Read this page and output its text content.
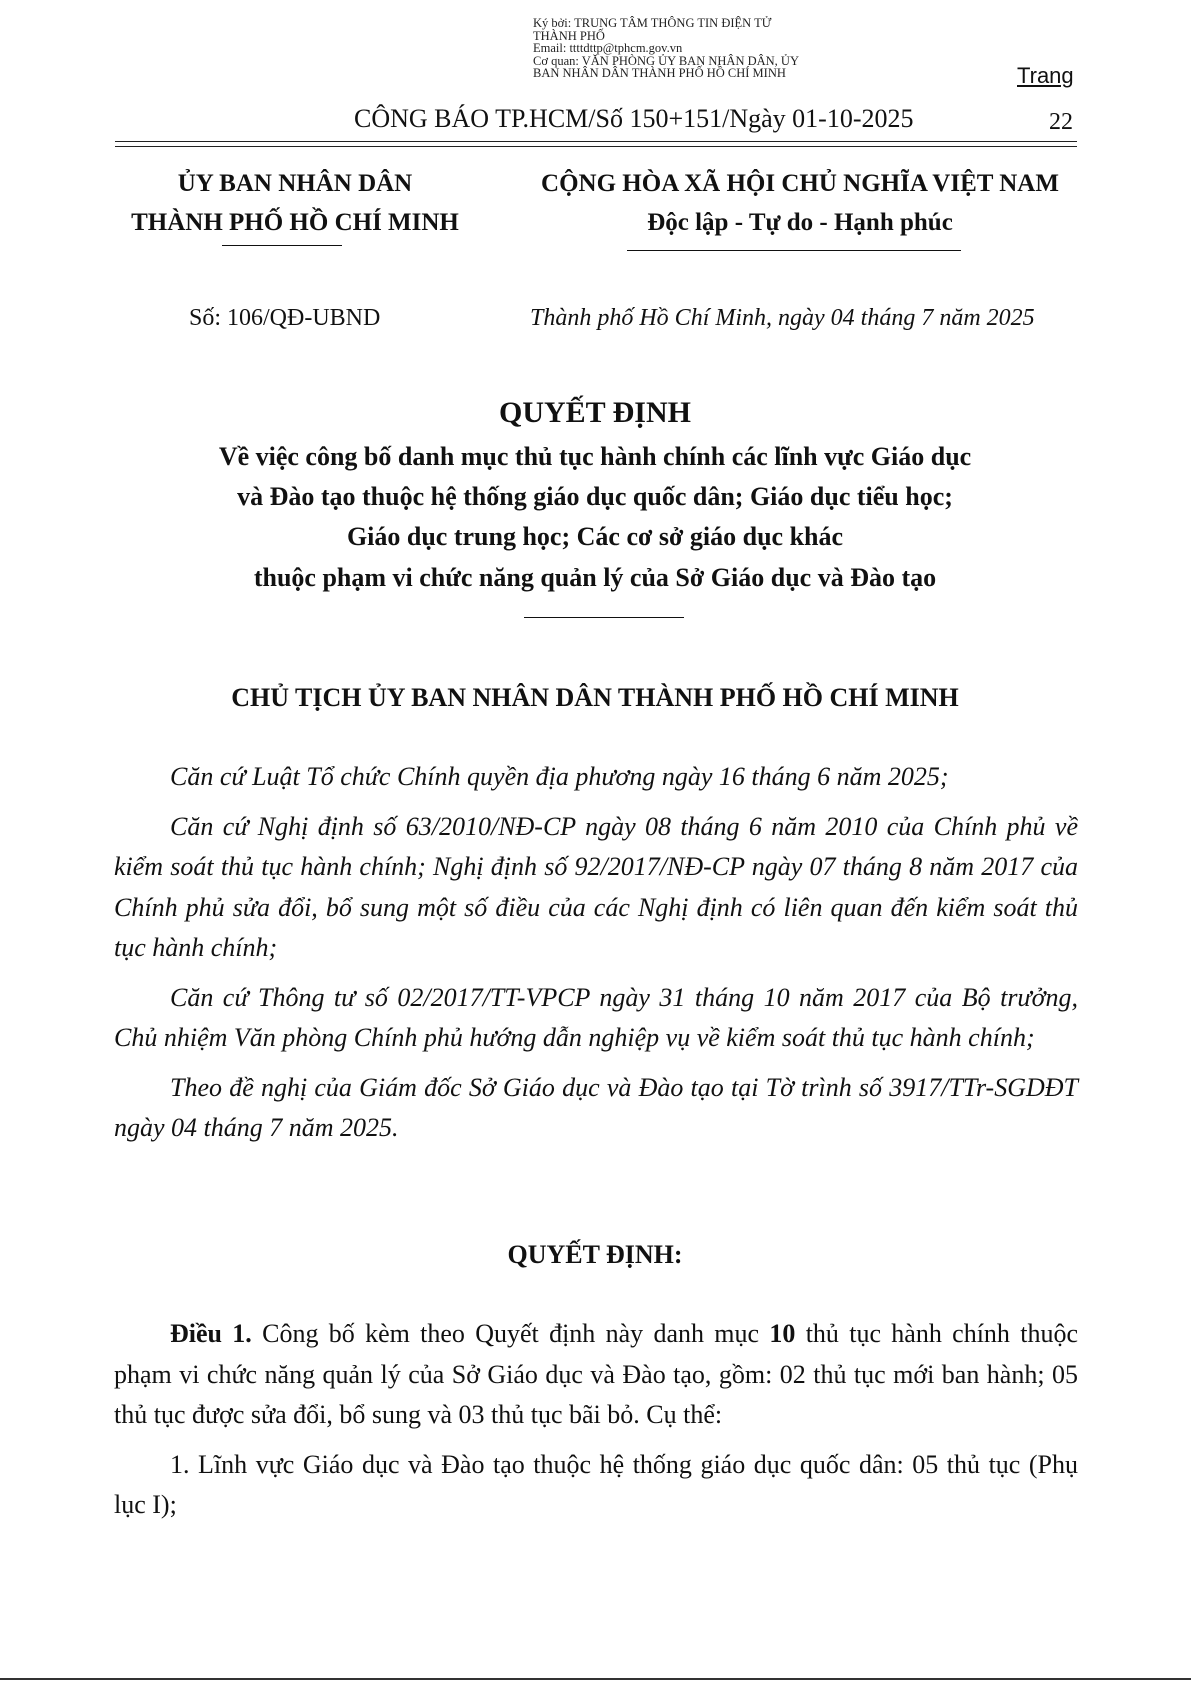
Ký bởi: TRUNG TÂM THÔNG TIN ĐIỆN TỬ
THÀNH PHỐ
Email: ttttdttp@tphcm.gov.vn
Cơ quan: VĂN PHÒNG ỦY BAN NHÂN DÂN, ỦY
BAN NHÂN DÂN THÀNH PHỐ HỒ CHÍ MINH	Trang
CÔNG BÁO TP.HCM/Số 150+151/Ngày 01-10-2025	22
ỦY BAN NHÂN DÂN
THÀNH PHỐ HỒ CHÍ MINH
CỘNG HÒA XÃ HỘI CHỦ NGHĨA VIỆT NAM
Độc lập - Tự do - Hạnh phúc
Số: 106/QĐ-UBND	Thành phố Hồ Chí Minh, ngày 04 tháng 7 năm 2025
QUYẾT ĐỊNH
Về việc công bố danh mục thủ tục hành chính các lĩnh vực Giáo dục
và Đào tạo thuộc hệ thống giáo dục quốc dân; Giáo dục tiểu học;
Giáo dục trung học; Các cơ sở giáo dục khác
thuộc phạm vi chức năng quản lý của Sở Giáo dục và Đào tạo
CHỦ TỊCH ỦY BAN NHÂN DÂN THÀNH PHỐ HỒ CHÍ MINH

Căn cứ Luật Tổ chức Chính quyền địa phương ngày 16 tháng 6 năm 2025;

Căn cứ Nghị định số 63/2010/NĐ-CP ngày 08 tháng 6 năm 2010 của Chính phủ về kiểm soát thủ tục hành chính; Nghị định số 92/2017/NĐ-CP ngày 07 tháng 8 năm 2017 của Chính phủ sửa đổi, bổ sung một số điều của các Nghị định có liên quan đến kiểm soát thủ tục hành chính;

Căn cứ Thông tư số 02/2017/TT-VPCP ngày 31 tháng 10 năm 2017 của Bộ trưởng, Chủ nhiệm Văn phòng Chính phủ hướng dẫn nghiệp vụ về kiểm soát thủ tục hành chính;

Theo đề nghị của Giám đốc Sở Giáo dục và Đào tạo tại Tờ trình số 3917/TTr-SGDĐT ngày 04 tháng 7 năm 2025.

QUYẾT ĐỊNH:

Điều 1. Công bố kèm theo Quyết định này danh mục 10 thủ tục hành chính thuộc phạm vi chức năng quản lý của Sở Giáo dục và Đào tạo, gồm: 02 thủ tục mới ban hành; 05 thủ tục được sửa đổi, bổ sung và 03 thủ tục bãi bỏ. Cụ thể:

1. Lĩnh vực Giáo dục và Đào tạo thuộc hệ thống giáo dục quốc dân: 05 thủ tục (Phụ lục I);
